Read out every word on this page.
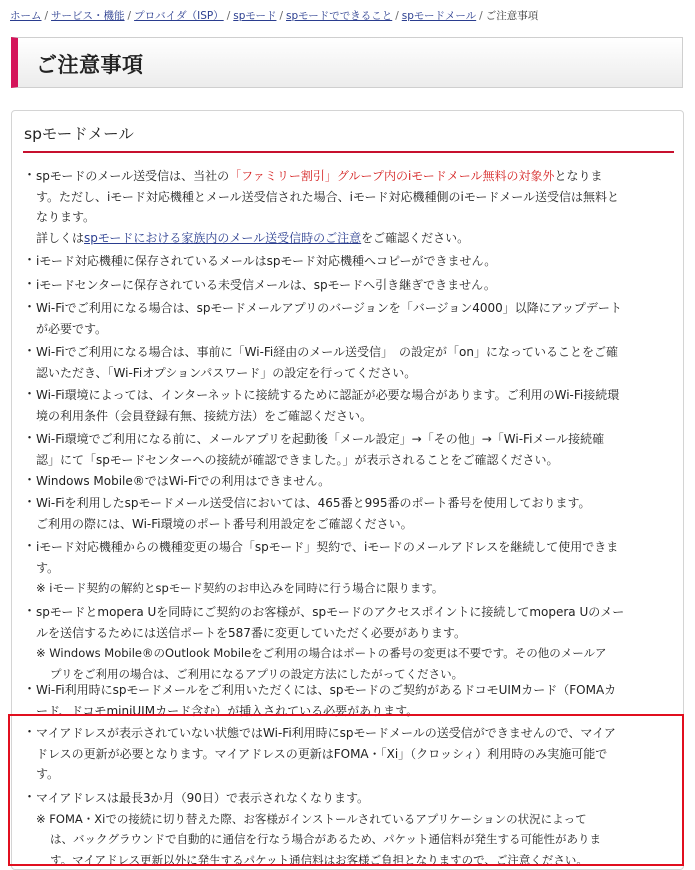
ホーム / サービス・機能 / プロバイダ（ISP） / spモード / spモードでできること / spモードメール / ご注意事項
ご注意事項
spモードメール
・ spモードのメール送受信は、当社の「ファミリー割引」グループ内のiモードメール無料の対象外となりま
す。ただし、iモード対応機種とメール送受信された場合、iモード対応機種側のiモードメール送受信は無料と
なります。
詳しくはspモードにおける家族内のメール送受信時のご注意をご確認ください。
・ iモード対応機種に保存されているメールはspモード対応機種へコピーができません。
・ iモードセンターに保存されている未受信メールは、spモードへ引き継ぎできません。
・ Wi-Fiでご利用になる場合は、spモードメールアプリのバージョンを「バージョン4000」以降にアップデート
が必要です。
・ Wi-Fiでご利用になる場合は、事前に「Wi-Fi経由のメール送受信」　の設定が「on」になっていることをご確
認いただき、「Wi-Fiオプションパスワード」の設定を行ってください。
・ Wi-Fi環境によっては、インターネットに接続するために認証が必要な場合があります。ご利用のWi-Fi接続環
境の利用条件（会員登録有無、接続方法）をご確認ください。
・ Wi-Fi環境でご利用になる前に、メールアプリを起動後「メール設定」→「その他」→「Wi-Fiメール接続確
認」にて「spモードセンターへの接続が確認できました。」が表示されることをご確認ください。
・ Windows Mobile®ではWi-Fiでの利用はできません。
・ Wi-Fiを利用したspモードメール送受信においては、465番と995番のポート番号を使用しております。
ご利用の際には、Wi-Fi環境のポート番号利用設定をご確認ください。
・ iモード対応機種からの機種変更の場合「spモード」契約で、iモードのメールアドレスを継続して使用できま
す。
※ iモード契約の解約とspモード契約のお申込みを同時に行う場合に限ります。
・ spモードとmopera Uを同時にご契約のお客様が、spモードのアクセスポイントに接続してmopera Uのメー
ルを送信するためには送信ポートを587番に変更していただく必要があります。
※ Windows Mobile®のOutlook Mobileをご利用の場合はポートの番号の変更は不要です。その他のメールア
プリをご利用の場合は、ご利用になるアプリの設定方法にしたがってください。
・ Wi-Fi利用時にspモードメールをご利用いただくには、spモードのご契約があるドコモUIMカード（FOMAカ
ード、ドコモminiUIMカード含む）が挿入されている必要があります。
・ マイアドレスが表示されていない状態ではWi-Fi利用時にspモードメールの送受信ができませんので、マイア
ドレスの更新が必要となります。マイアドレスの更新はFOMA・「Xi」（クロッシィ）利用時のみ実施可能で
す。
・ マイアドレスは最長3か月（90日）で表示されなくなります。
※ FOMA・Xiでの接続に切り替えた際、お客様がインストールされているアプリケーションの状況によって
は、バックグラウンドで自動的に通信を行なう場合があるため、パケット通信料が発生する可能性がありま
す。マイアドレス更新以外に発生するパケット通信料はお客様ご負担となりますので、ご注意ください。
